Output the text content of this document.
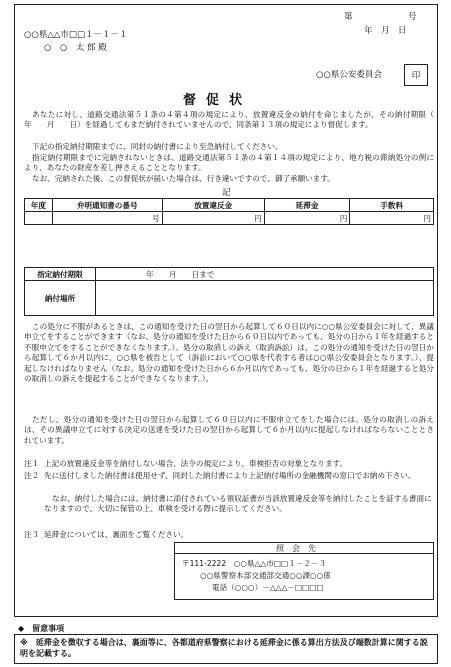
第	号
年　月　日
○○県△△市□□１－１－１
○　○　太 郎 殿
○○県公安委員会	印
督促状
あなたに対し、道路交通法第５１条の４第４項の規定により、放置違反金の納付を命じましたが、その納付期限（　　年　　月　　日）を経過してもまだ納付されていませんので、同条第１３項の規定により督促します。
下記の指定納付期限までに、同封の納付書により至急納付してください。
指定納付期限までに完納されないときは、道路交通法第５１条の４第１４項の規定により、地方税の滞納処分の例により、あなたの財産を差し押さえることとなります。
なお、完納された後、この督促状が届いた場合は、行き違いですので、御了承願います。
記
年度	弁明通知書の番号	放置違反金	延滞金	手数料
	号	円	円	円
指定納付期限	年　　月　　日まで
納付場所	
この処分に不服があるときは、この通知を受けた日の翌日から起算して６０日以内に○○県公安委員会に対して、異議申立てをすることができます（なお、処分の通知を受けた日から６０日以内であっても、処分の日から１年を経過すると不服申立てをすることができなくなります。）。処分の取消しの訴え（取消訴訟）は、この処分の通知を受けた日の翌日から起算して６か月以内に、○○県を被告として（訴訟において○○県を代表する者は○○県公安委員会となります。）、提起しなければなりません（なお、処分の通知を受けた日から６か月以内であっても、処分の日から１年を経過すると処分の取消しの訴えを提起することができなくなります。）。
ただし、処分の通知を受けた日の翌日から起算して６０日以内に不服申立てをした場合には、処分の取消しの訴えは、その異議申立てに対する決定の送達を受けた日の翌日から起算して６か月以内に提起しなければならないこととされています。
注１ 上記の放置違反金等を納付しない場合、法令の規定により、車検拒否の対象となります。
注２ 先に送付しました納付書は使用せず、同封した納付書により上記納付場所の金融機関の窓口でお納め下さい。
なお、納付した場合には、納付書に添付されている領収証書が当該放置違反金等を納付したことを証する書面になりますので、大切に保管の上、車検を受ける際に提示してください。
注３ 延滞金については、裏面をご覧ください。
照　会　先
〒111-2222　○○県△△市□□１－２－３
○○県警察本部交通部交通○○課○○係
電話（○○○）－△△△－□□□□
◆　留意事項
※　延滞金を徴収する場合は、裏面等に、各都道府県警察における延滞金に係る算出方法及び端数計算に関する説明を記載する。
